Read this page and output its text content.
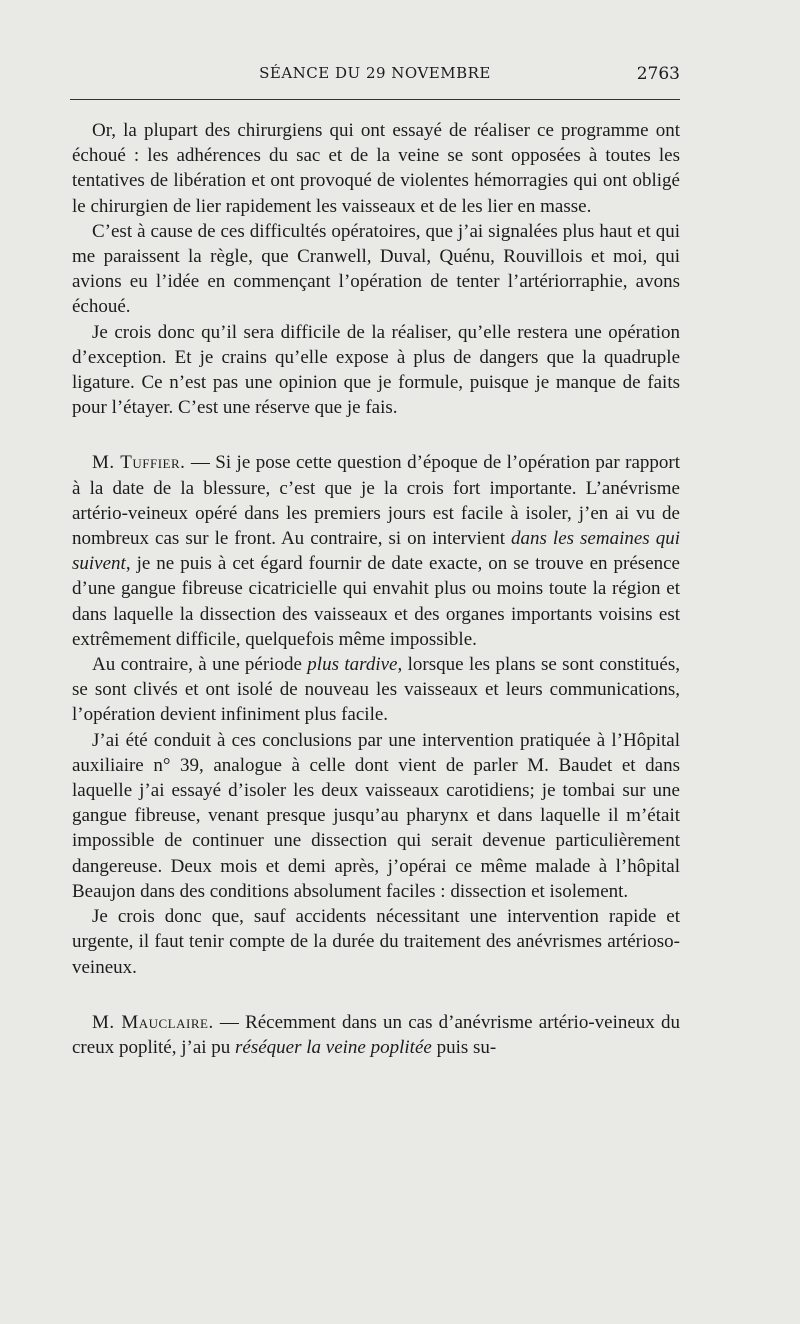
SÉANCE DU 29 NOVEMBRE	2763

Or, la plupart des chirurgiens qui ont essayé de réaliser ce programme ont échoué : les adhérences du sac et de la veine se sont opposées à toutes les tentatives de libération et ont provoqué de violentes hémorragies qui ont obligé le chirurgien de lier rapidement les vaisseaux et de les lier en masse.

C’est à cause de ces difficultés opératoires, que j’ai signalées plus haut et qui me paraissent la règle, que Cranwell, Duval, Quénu, Rouvillois et moi, qui avions eu l’idée en commençant l’opération de tenter l’artériorraphie, avons échoué.

Je crois donc qu’il sera difficile de la réaliser, qu’elle restera une opération d’exception. Et je crains qu’elle expose à plus de dangers que la quadruple ligature. Ce n’est pas une opinion que je formule, puisque je manque de faits pour l’étayer. C’est une réserve que je fais.

M. Tuffier. — Si je pose cette question d’époque de l’opération par rapport à la date de la blessure, c’est que je la crois fort importante. L’anévrisme artério-veineux opéré dans les premiers jours est facile à isoler, j’en ai vu de nombreux cas sur le front. Au contraire, si on intervient dans les semaines qui suivent, je ne puis à cet égard fournir de date exacte, on se trouve en présence d’une gangue fibreuse cicatricielle qui envahit plus ou moins toute la région et dans laquelle la dissection des vaisseaux et des organes importants voisins est extrêmement difficile, quelquefois même impossible.

Au contraire, à une période plus tardive, lorsque les plans se sont constitués, se sont clivés et ont isolé de nouveau les vaisseaux et leurs communications, l’opération devient infiniment plus facile.

J’ai été conduit à ces conclusions par une intervention pratiquée à l’Hôpital auxiliaire n° 39, analogue à celle dont vient de parler M. Baudet et dans laquelle j’ai essayé d’isoler les deux vaisseaux carotidiens; je tombai sur une gangue fibreuse, venant presque jusqu’au pharynx et dans laquelle il m’était impossible de continuer une dissection qui serait devenue particulièrement dangereuse. Deux mois et demi après, j’opérai ce même malade à l’hôpital Beaujon dans des conditions absolument faciles : dissection et isolement.

Je crois donc que, sauf accidents nécessitant une intervention rapide et urgente, il faut tenir compte de la durée du traitement des anévrismes artérioso-veineux.

M. Mauclaire. — Récemment dans un cas d’anévrisme artério-veineux du creux poplité, j’ai pu réséquer la veine poplitée puis su-
